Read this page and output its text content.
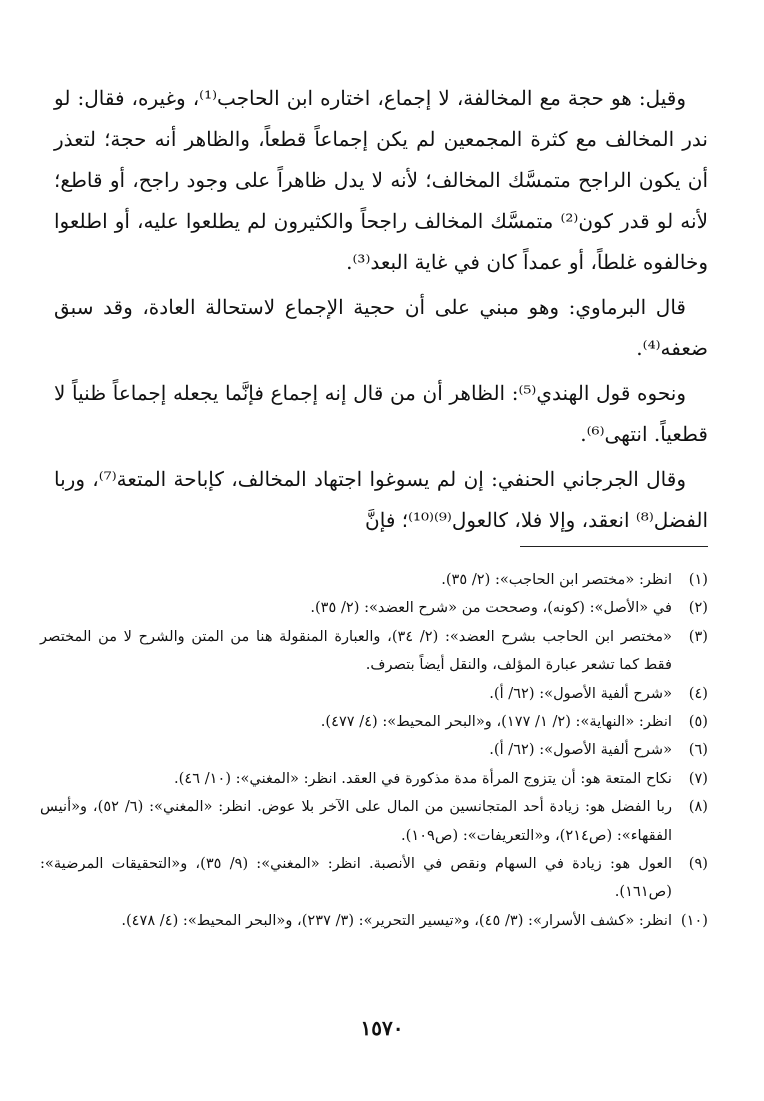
وقيل: هو حجة مع المخالفة، لا إجماع، اختاره ابن الحاجب⁽¹⁾، وغيره، فقال: لو ندر المخالف مع كثرة المجمعين لم يكن إجماعاً قطعاً، والظاهر أنه حجة؛ لتعذر أن يكون الراجح متمسَّك المخالف؛ لأنه لا يدل ظاهراً على وجود راجح، أو قاطع؛ لأنه لو قدر كون⁽²⁾ متمسَّك المخالف راجحاً والكثيرون لم يطلعوا عليه، أو اطلعوا وخالفوه غلطاً، أو عمداً كان في غاية البعد⁽³⁾.

قال البرماوي: وهو مبني على أن حجية الإجماع لاستحالة العادة، وقد سبق ضعفه⁽⁴⁾.

ونحوه قول الهندي⁽⁵⁾: الظاهر أن من قال إنه إجماع فإنَّما يجعله إجماعاً ظنياً لا قطعياً. انتهى⁽⁶⁾.

وقال الجرجاني الحنفي: إن لم يسوغوا اجتهاد المخالف، كإباحة المتعة⁽⁷⁾، وربا الفضل⁽⁸⁾ انعقد، وإلا فلا، كالعول⁽⁹⁾⁽¹⁰⁾؛ فإنَّ

(١)
انظر: «مختصر ابن الحاجب»: (٢/ ٣٥).
(٢)
في «الأصل»: (كونه)، وصححت من «شرح العضد»: (٢/ ٣٥).
(٣)
«مختصر ابن الحاجب بشرح العضد»: (٢/ ٣٤)، والعبارة المنقولة هنا من المتن والشرح لا من المختصر فقط كما تشعر عبارة المؤلف، والنقل أيضاً بتصرف.
(٤)
«شرح ألفية الأصول»: (٦٢/ أ).
(٥)
انظر: «النهاية»: (٢/ ١/ ١٧٧)، و«البحر المحيط»: (٤/ ٤٧٧).
(٦)
«شرح ألفية الأصول»: (٦٢/ أ).
(٧)
نكاح المتعة هو: أن يتزوج المرأة مدة مذكورة في العقد. انظر: «المغني»: (١٠/ ٤٦).
(٨)
ربا الفضل هو: زيادة أحد المتجانسين من المال على الآخر بلا عوض. انظر: «المغني»: (٦/ ٥٢)، و«أنيس الفقهاء»: (ص٢١٤)، و«التعريفات»: (ص١٠٩).
(٩)
العول هو: زيادة في السهام ونقص في الأنصبة. انظر: «المغني»: (٩/ ٣٥)، و«التحقيقات المرضية»: (ص١٦١).
(١٠)
انظر: «كشف الأسرار»: (٣/ ٤٥)، و«تيسير التحرير»: (٣/ ٢٣٧)، و«البحر المحيط»: (٤/ ٤٧٨).
١٥٧٠
